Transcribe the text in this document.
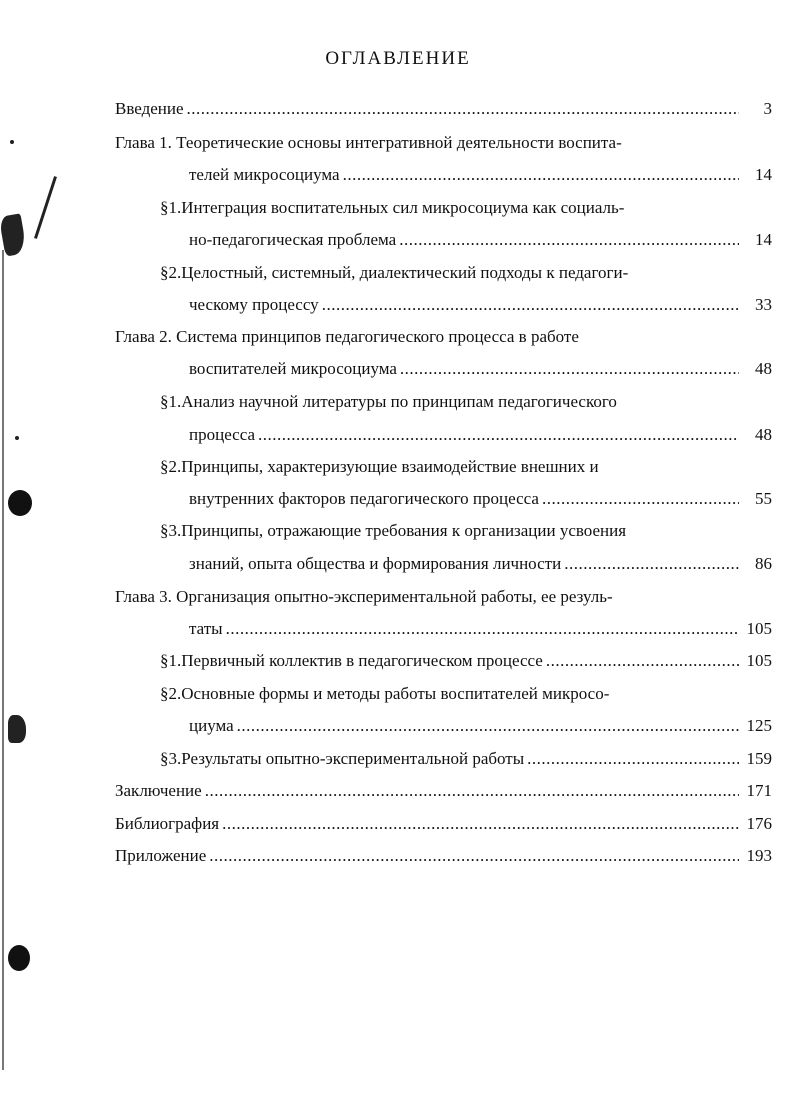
ОГЛАВЛЕНИЕ
Введение .....	3
Глава 1. Теоретические основы интегративной деятельности воспита-
телей микросоциума .....	14
§1.Интеграция воспитательных сил микросоциума как социаль-
но-педагогическая проблема .....	14
§2.Целостный, системный, диалектический подходы к педагоги-
ческому процессу .....	33
Глава 2. Система принципов педагогического процесса в работе
воспитателей микросоциума .....	48
§1.Анализ научной литературы по принципам педагогического
процесса .....	48
§2.Принципы, характеризующие взаимодействие внешних и
внутренних факторов педагогического процесса .....	55
§3.Принципы, отражающие требования к организации усвоения
знаний, опыта общества и формирования личности .....	86
Глава 3. Организация опытно-экспериментальной работы, ее резуль-
таты .....	105
§1.Первичный коллектив в педагогическом процессе .....	105
§2.Основные формы и методы работы воспитателей микросо-
циума .....	125
§3.Результаты опытно-экспериментальной работы .....	159
Заключение .....	171
Библиография .....	176
Приложение .....	193
